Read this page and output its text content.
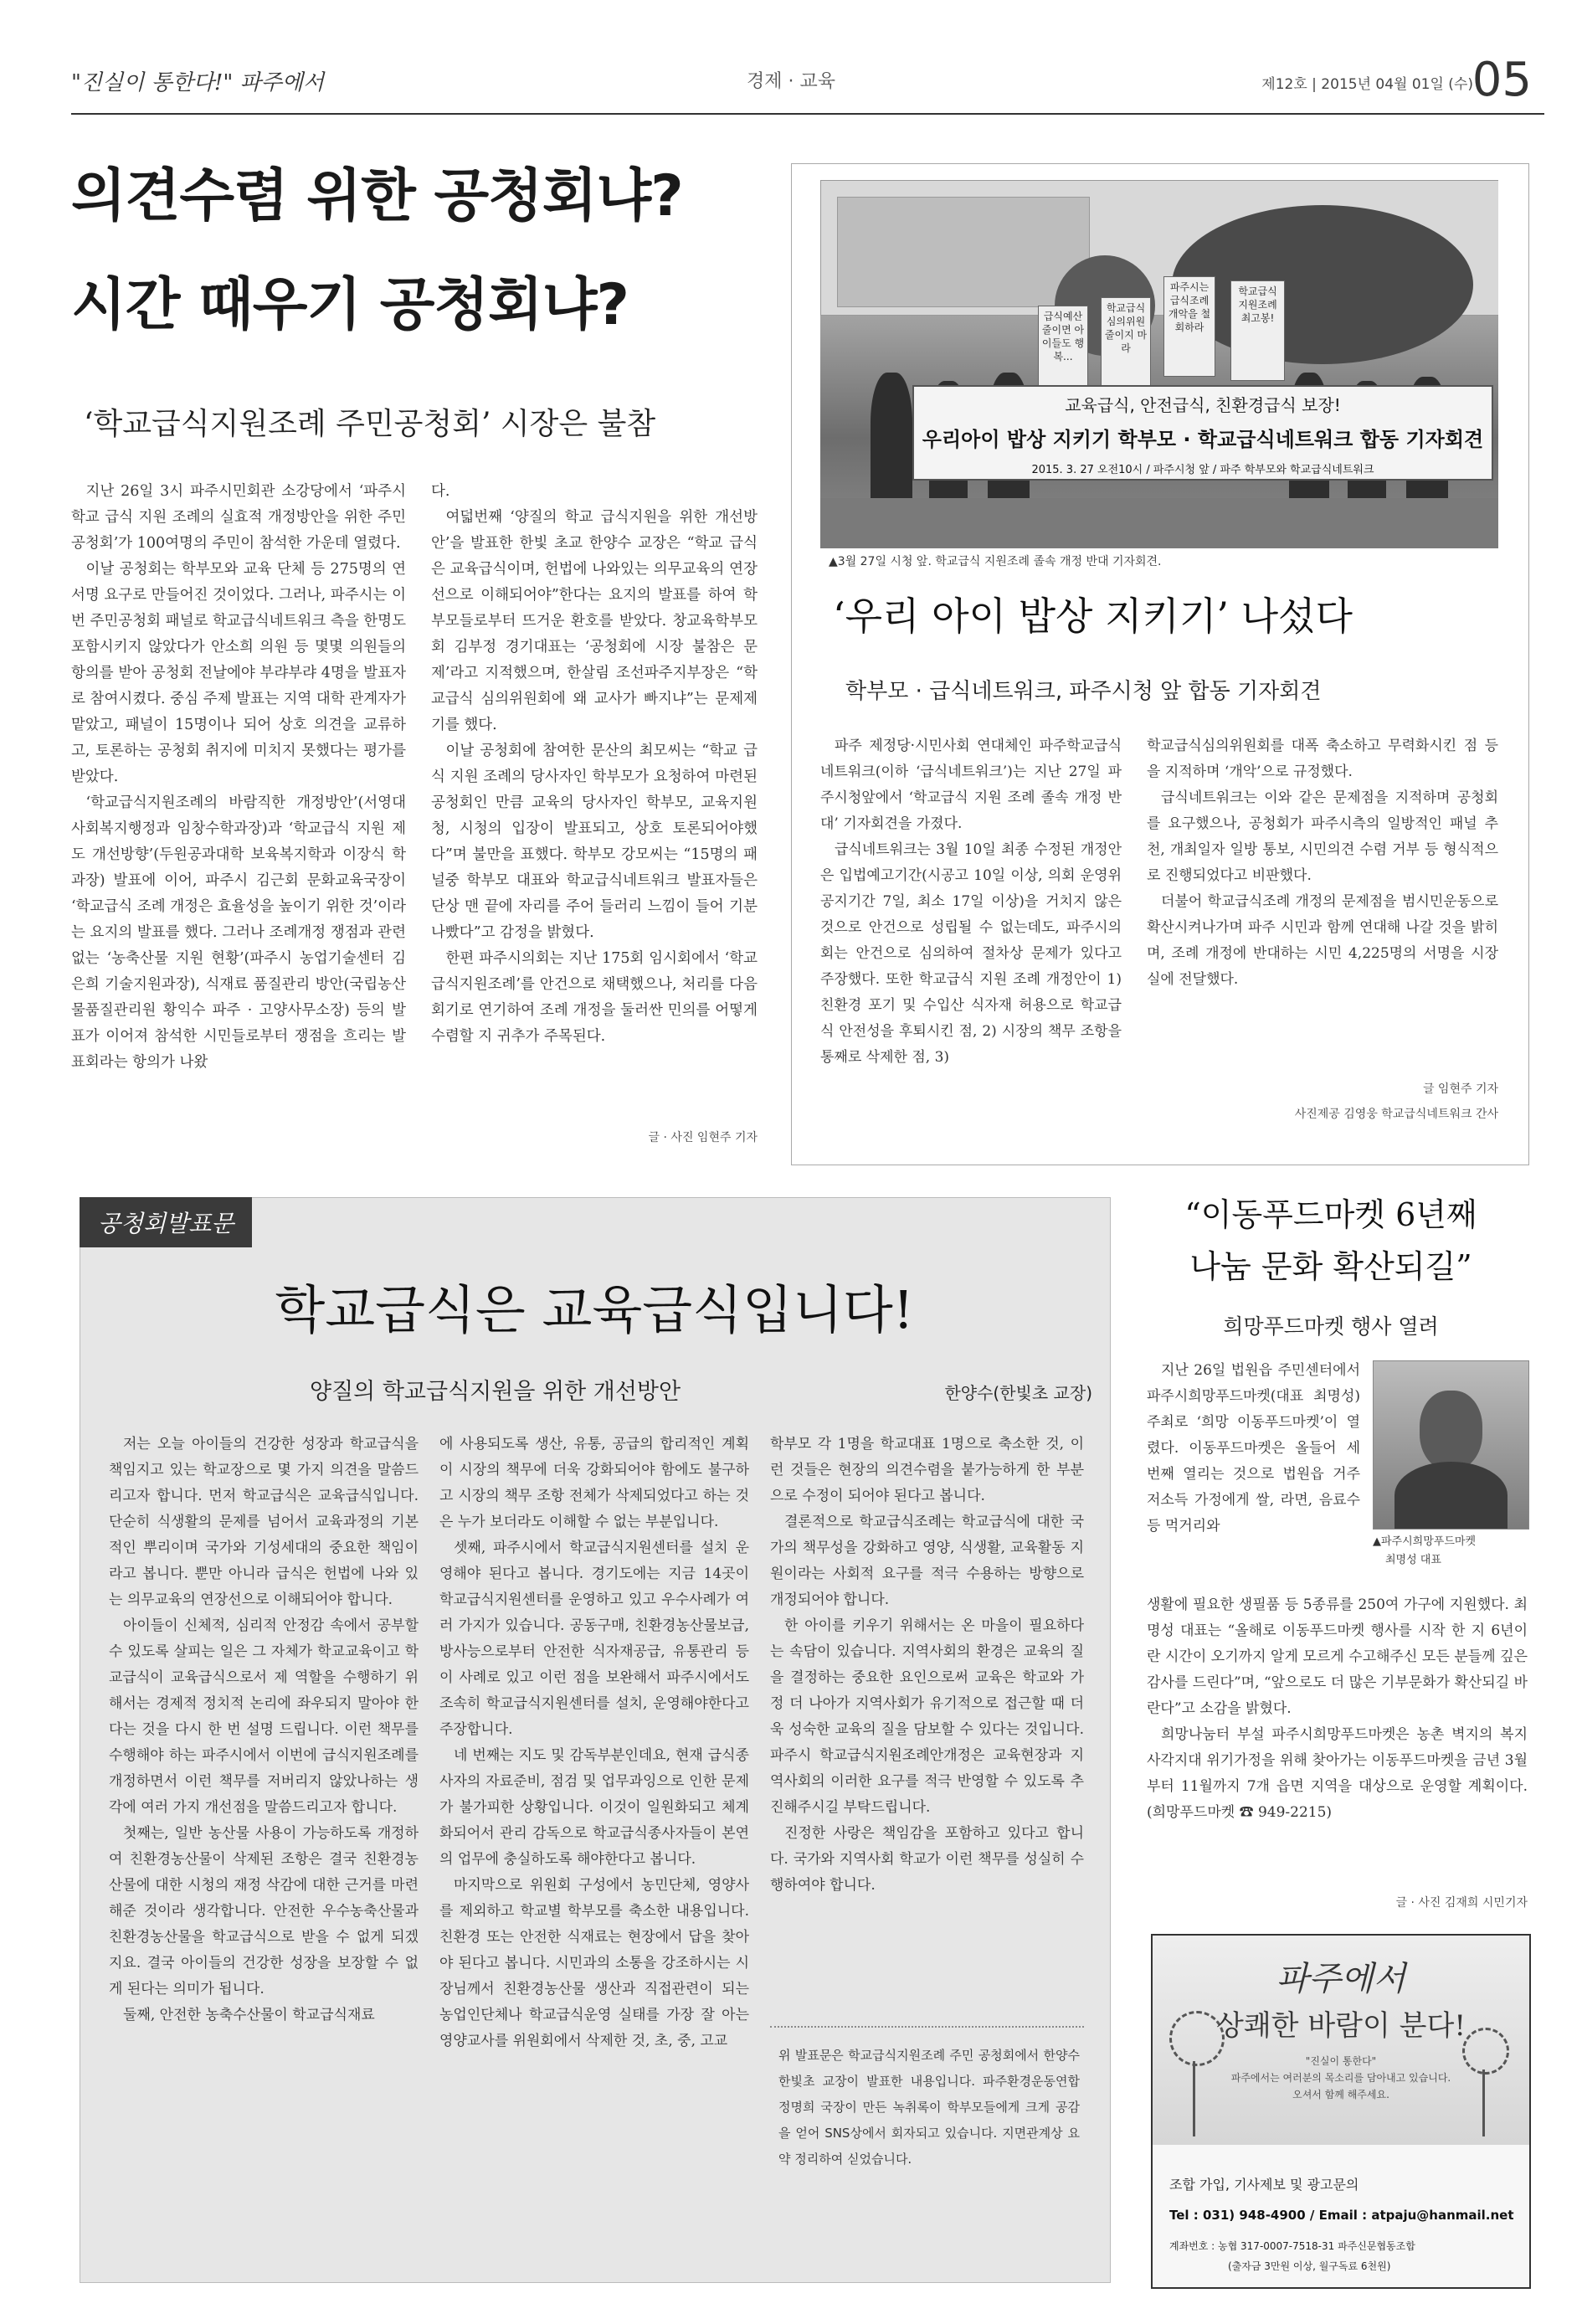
"진실이 통한다!" 파주에서	경제 · 교육	제12호 | 2015년 04월 01일 (수)
05
의견수렴 위한 공청회냐?
시간 때우기 공청회냐?
‘학교급식지원조례 주민공청회’ 시장은 불참

지난 26일 3시 파주시민회관 소강당에서 ‘파주시 학교 급식 지원 조례의 실효적 개정방안을 위한 주민공청회’가 100여명의 주민이 참석한 가운데 열렸다.

이날 공청회는 학부모와 교육 단체 등 275명의 연서명 요구로 만들어진 것이었다. 그러나, 파주시는 이번 주민공청회 패널로 학교급식네트워크 측을 한명도 포함시키지 않았다가 안소희 의원 등 몇몇 의원들의 항의를 받아 공청회 전날에야 부랴부랴 4명을 발표자로 참여시켰다. 중심 주제 발표는 지역 대학 관계자가 맡았고, 패널이 15명이나 되어 상호 의견을 교류하고, 토론하는 공청회 취지에 미치지 못했다는 평가를 받았다.

‘학교급식지원조례의 바람직한 개정방안’(서영대 사회복지행정과 임창수학과장)과 ‘학교급식 지원 제도 개선방향’(두원공과대학 보육복지학과 이장식 학과장) 발표에 이어, 파주시 김근회 문화교육국장이 ‘학교급식 조례 개정은 효율성을 높이기 위한 것’이라는 요지의 발표를 했다. 그러나 조례개정 쟁점과 관련없는 ‘농축산물 지원 현황’(파주시 농업기술센터 김은희 기술지원과장), 식재료 품질관리 방안(국립농산물품질관리원 황익수 파주 · 고양사무소장) 등의 발표가 이어져 참석한 시민들로부터 쟁점을 흐리는 발표회라는 항의가 나왔

다.

여덟번째 ‘양질의 학교 급식지원을 위한 개선방안’을 발표한 한빛 초교 한양수 교장은 “학교 급식은 교육급식이며, 헌법에 나와있는 의무교육의 연장선으로 이해되어야”한다는 요지의 발표를 하여 학부모들로부터 뜨거운 환호를 받았다. 창교육학부모회 김부정 경기대표는 ‘공청회에 시장 불참은 문제’라고 지적했으며, 한살림 조선파주지부장은 “학교급식 심의위원회에 왜 교사가 빠지냐”는 문제제기를 했다.

이날 공청회에 참여한 문산의 최모씨는 “학교 급식 지원 조례의 당사자인 학부모가 요청하여 마련된 공청회인 만큼 교육의 당사자인 학부모, 교육지원청, 시청의 입장이 발표되고, 상호 토론되어야했다”며 불만을 표했다. 학부모 강모씨는 “15명의 패널중 학부모 대표와 학교급식네트워크 발표자들은 단상 맨 끝에 자리를 주어 들러리 느낌이 들어 기분 나빴다”고 감정을 밝혔다.

한편 파주시의회는 지난 175회 임시회에서 ‘학교급식지원조례’를 안건으로 채택했으나, 처리를 다음 회기로 연기하여 조례 개정을 둘러싼 민의를 어떻게 수렴할 지 귀추가 주목된다.

글 · 사진 임현주 기자
급식예산 줄이면 아이들도 행복...
학교급식 심의위원 줄이지 마라
파주시는 급식조례 개악을 철회하라
학교급식 지원조례 최고봉!
교육급식, 안전급식, 친환경급식 보장!
우리아이 밥상 지키기 학부모 · 학교급식네트워크 합동 기자회견
2015. 3. 27 오전10시 / 파주시청 앞 / 파주 학부모와 학교급식네트워크
▲3월 27일 시청 앞. 학교급식 지원조례 졸속 개정 반대 기자회견.
‘우리 아이 밥상 지키기’ 나섰다
학부모 · 급식네트워크, 파주시청 앞 합동 기자회견

파주 제정당·시민사회 연대체인 파주학교급식네트워크(이하 ‘급식네트워크’)는 지난 27일 파주시청앞에서 ‘학교급식 지원 조례 졸속 개정 반대’ 기자회견을 가졌다.

급식네트워크는 3월 10일 최종 수정된 개정안은 입법예고기간(시공고 10일 이상, 의회 운영위 공지기간 7일, 최소 17일 이상)을 거치지 않은 것으로 안건으로 성립될 수 없는데도, 파주시의회는 안건으로 심의하여 절차상 문제가 있다고 주장했다. 또한 학교급식 지원 조례 개정안이 1) 친환경 포기 및 수입산 식자재 허용으로 학교급식 안전성을 후퇴시킨 점, 2) 시장의 책무 조항을 통째로 삭제한 점, 3)

학교급식심의위원회를 대폭 축소하고 무력화시킨 점 등을 지적하며 ‘개악’으로 규정했다.

급식네트워크는 이와 같은 문제점을 지적하며 공청회를 요구했으나, 공청회가 파주시측의 일방적인 패널 추천, 개최일자 일방 통보, 시민의견 수렴 거부 등 형식적으로 진행되었다고 비판했다.

더불어 학교급식조례 개정의 문제점을 범시민운동으로 확산시켜나가며 파주 시민과 함께 연대해 나갈 것을 밝히며, 조례 개정에 반대하는 시민 4,225명의 서명을 시장실에 전달했다.

글 임현주 기자
사진제공 김영웅 학교급식네트워크 간사
공청회발표문
학교급식은 교육급식입니다!
양질의 학교급식지원을 위한 개선방안	한양수(한빛초 교장)

저는 오늘 아이들의 건강한 성장과 학교급식을 책임지고 있는 학교장으로 몇 가지 의견을 말씀드리고자 합니다. 먼저 학교급식은 교육급식입니다. 단순히 식생활의 문제를 넘어서 교육과정의 기본적인 뿌리이며 국가와 기성세대의 중요한 책임이라고 봅니다. 뿐만 아니라 급식은 헌법에 나와 있는 의무교육의 연장선으로 이해되어야 합니다.

아이들이 신체적, 심리적 안정감 속에서 공부할 수 있도록 살피는 일은 그 자체가 학교교육이고 학교급식이 교육급식으로서 제 역할을 수행하기 위해서는 경제적 정치적 논리에 좌우되지 말아야 한다는 것을 다시 한 번 설명 드립니다. 이런 책무를 수행해야 하는 파주시에서 이번에 급식지원조례를 개정하면서 이런 책무를 저버리지 않았나하는 생각에 여러 가지 개선점을 말씀드리고자 합니다.

첫째는, 일반 농산물 사용이 가능하도록 개정하여 친환경농산물이 삭제된 조항은 결국 친환경농산물에 대한 시청의 재정 삭감에 대한 근거를 마련해준 것이라 생각합니다. 안전한 우수농축산물과 친환경농산물을 학교급식으로 받을 수 없게 되겠지요. 결국 아이들의 건강한 성장을 보장할 수 없게 된다는 의미가 됩니다.

둘째, 안전한 농축수산물이 학교급식재료

에 사용되도록 생산, 유통, 공급의 합리적인 계획이 시장의 책무에 더욱 강화되어야 함에도 불구하고 시장의 책무 조항 전체가 삭제되었다고 하는 것은 누가 보더라도 이해할 수 없는 부분입니다.

셋째, 파주시에서 학교급식지원센터를 설치 운영해야 된다고 봅니다. 경기도에는 지금 14곳이 학교급식지원센터를 운영하고 있고 우수사례가 여러 가지가 있습니다. 공동구매, 친환경농산물보급, 방사능으로부터 안전한 식자재공급, 유통관리 등이 사례로 있고 이런 점을 보완해서 파주시에서도 조속히 학교급식지원센터를 설치, 운영해야한다고 주장합니다.

네 번째는 지도 및 감독부분인데요, 현재 급식종사자의 자료준비, 점검 및 업무과잉으로 인한 문제가 불가피한 상황입니다. 이것이 일원화되고 체계화되어서 관리 감독으로 학교급식종사자들이 본연의 업무에 충실하도록 해야한다고 봅니다.

마지막으로 위원회 구성에서 농민단체, 영양사를 제외하고 학교별 학부모를 축소한 내용입니다. 친환경 또는 안전한 식재료는 현장에서 답을 찾아야 된다고 봅니다. 시민과의 소통을 강조하시는 시장님께서 친환경농산물 생산과 직접관련이 되는 농업인단체나 학교급식운영 실태를 가장 잘 아는 영양교사를 위원회에서 삭제한 것, 초, 중, 고교

학부모 각 1명을 학교대표 1명으로 축소한 것, 이런 것들은 현장의 의견수렴을 붙가능하게 한 부분으로 수정이 되어야 된다고 봅니다.

결론적으로 학교급식조례는 학교급식에 대한 국가의 책무성을 강화하고 영양, 식생활, 교육활동 지원이라는 사회적 요구를 적극 수용하는 방향으로 개정되어야 합니다.

한 아이를 키우기 위해서는 온 마을이 필요하다는 속담이 있습니다. 지역사회의 환경은 교육의 질을 결정하는 중요한 요인으로써 교육은 학교와 가정 더 나아가 지역사회가 유기적으로 접근할 때 더욱 성숙한 교육의 질을 담보할 수 있다는 것입니다. 파주시 학교급식지원조례안개정은 교육현장과 지역사회의 이러한 요구를 적극 반영할 수 있도록 추진해주시길 부탁드립니다.

진정한 사랑은 책임감을 포함하고 있다고 합니다. 국가와 지역사회 학교가 이런 책무를 성실히 수행하여야 합니다.

위 발표문은 학교급식지원조례 주민 공청회에서 한양수 한빛초 교장이 발표한 내용입니다. 파주환경운동연합 정명희 국장이 만든 녹취록이 학부모들에게 크게 공감을 얻어 SNS상에서 회자되고 있습니다. 지면관계상 요약 정리하여 싣었습니다.
“이동푸드마켓 6년째
나눔 문화 확산되길”
희망푸드마켓 행사 열려
▲파주시희망푸드마켓
최명성 대표

지난 26일 법원읍 주민센터에서 파주시희망푸드마켓(대표 최명성) 주최로 ‘희망 이동푸드마켓’이 열렸다. 이동푸드마켓은 올들어 세 번째 열리는 것으로 법원읍 거주 저소득 가정에게 쌀, 라면, 음료수 등 먹거리와

생활에 필요한 생필품 등 5종류를 250여 가구에 지원했다. 최명성 대표는 “올해로 이동푸드마켓 행사를 시작 한 지 6년이란 시간이 오기까지 알게 모르게 수고해주신 모든 분들께 깊은 감사를 드린다”며, “앞으로도 더 많은 기부문화가 확산되길 바란다”고 소감을 밝혔다.

희망나눔터 부설 파주시희망푸드마켓은 농촌 벽지의 복지 사각지대 위기가정을 위해 찾아가는 이동푸드마켓을 금년 3월부터 11월까지 7개 읍면 지역을 대상으로 운영할 계획이다.(희망푸드마켓 ☎ 949-2215)

글 · 사진 김재희 시민기자
파주에서
상쾌한 바람이 분다!
"진실이 통한다"
파주에서는 여러분의 목소리를 담아내고 있습니다.
오셔서 함께 해주세요.
조합 가입, 기사제보 및 광고문의
Tel : 031) 948-4900 / Email : atpaju@hanmail.net
계좌번호 : 농협 317-0007-7518-31 파주신문협동조합
(출자금 3만원 이상, 월구독료 6천원)
